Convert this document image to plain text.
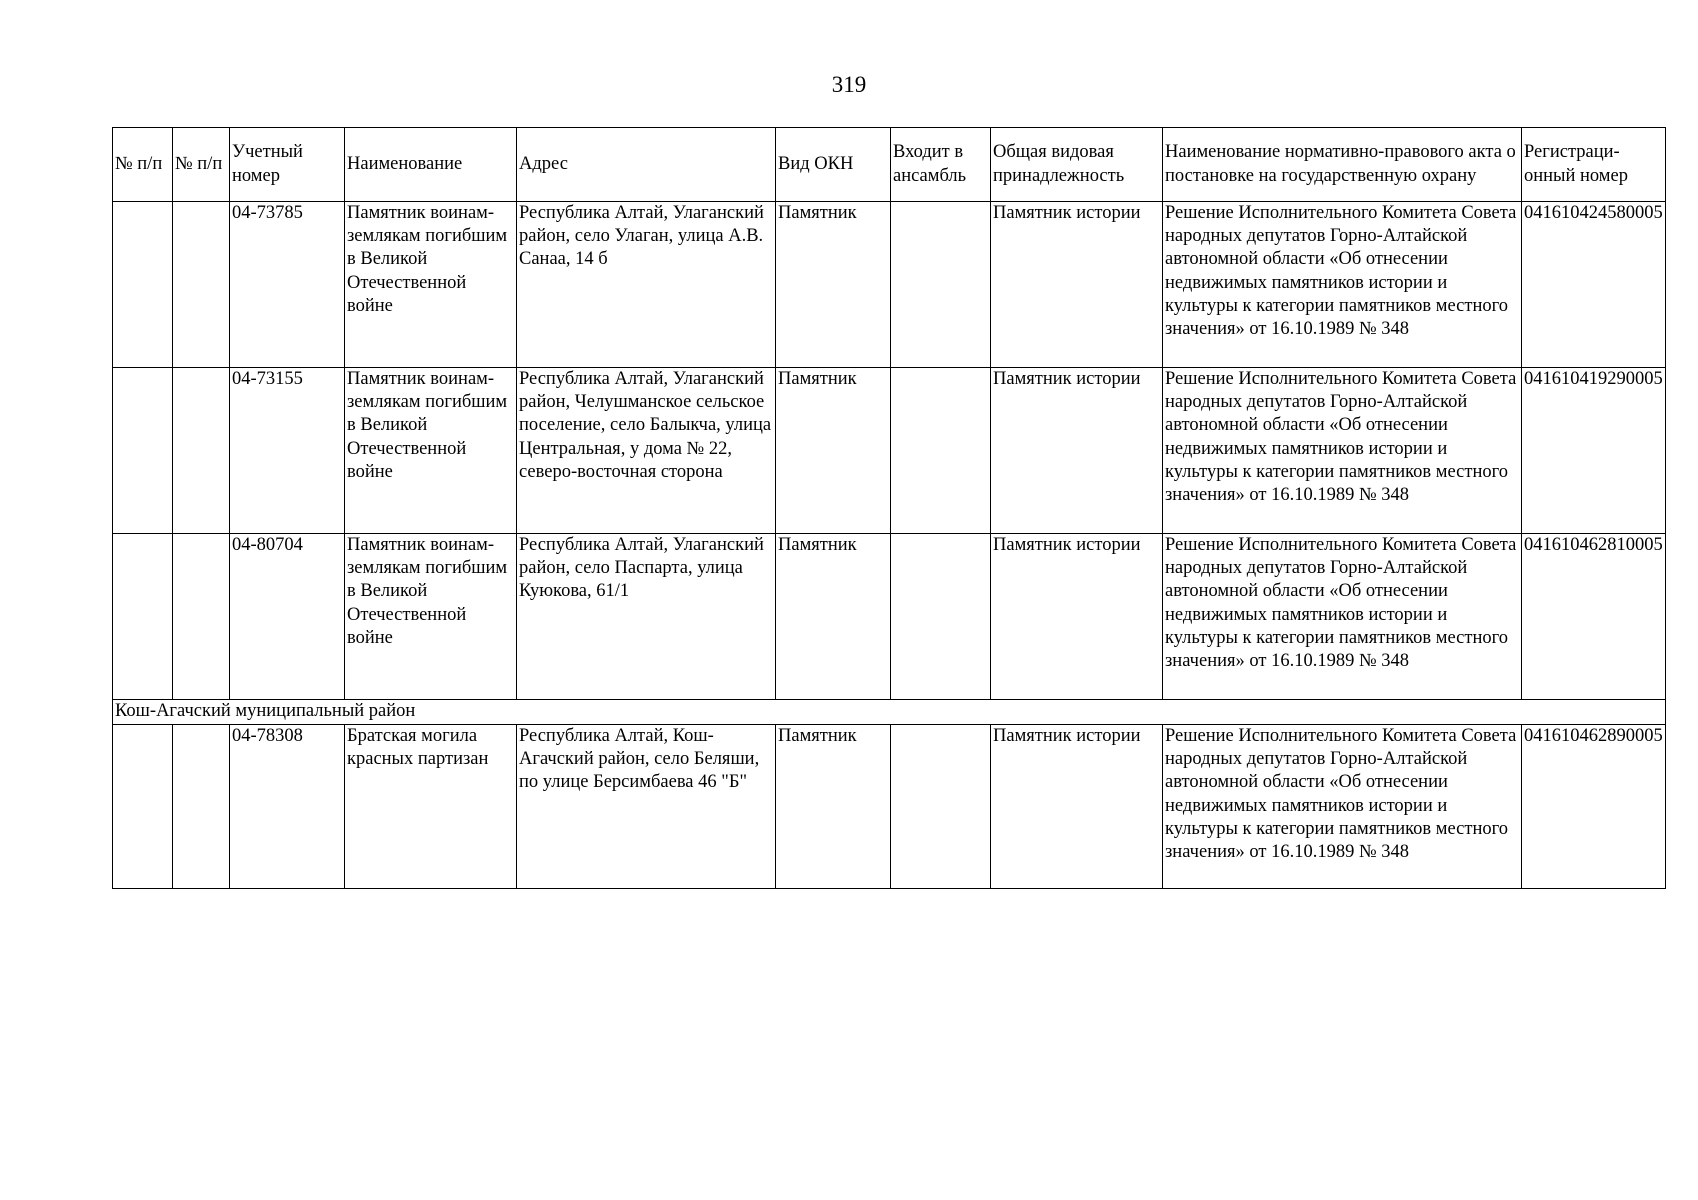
319
№ п/п	№ п/п	Учетный номер	Наименование	Адрес	Вид ОКН	Входит в ансамбль	Общая видовая принадлежность	Наименование нормативно-правового акта о постановке на государственную охрану	Регистраци-онный номер
		04-73785	Памятник воинам-землякам погибшим в Великой Отечественной войне	Республика Алтай, Улаганский район, село Улаган, улица А.В. Санаа, 14 б	Памятник		Памятник истории	Решение Исполнительного Комитета Совета народных депутатов Горно-Алтайской автономной области «Об отнесении недвижимых памятников истории и культуры к категории памятников местного значения» от 16.10.1989 № 348	041610424580005
		04-73155	Памятник воинам-землякам погибшим в Великой Отечественной войне	Республика Алтай, Улаганский район, Челушманское сельское поселение, село Балыкча, улица Центральная, у дома № 22, северо-восточная сторона	Памятник		Памятник истории	Решение Исполнительного Комитета Совета народных депутатов Горно-Алтайской автономной области «Об отнесении недвижимых памятников истории и культуры к категории памятников местного значения» от 16.10.1989 № 348	041610419290005
		04-80704	Памятник воинам-землякам погибшим в Великой Отечественной войне	Республика Алтай, Улаганский район, село Паспарта, улица Куюкова, 61/1	Памятник		Памятник истории	Решение Исполнительного Комитета Совета народных депутатов Горно-Алтайской автономной области «Об отнесении недвижимых памятников истории и культуры к категории памятников местного значения» от 16.10.1989 № 348	041610462810005
Кош-Агачский муниципальный район									
		04-78308	Братская могила красных партизан	Республика Алтай, Кош-Агачский район, село Беляши, по улице Берсимбаева 46 "Б"	Памятник		Памятник истории	Решение Исполнительного Комитета Совета народных депутатов Горно-Алтайской автономной области «Об отнесении недвижимых памятников истории и культуры к категории памятников местного значения» от 16.10.1989 № 348	041610462890005
